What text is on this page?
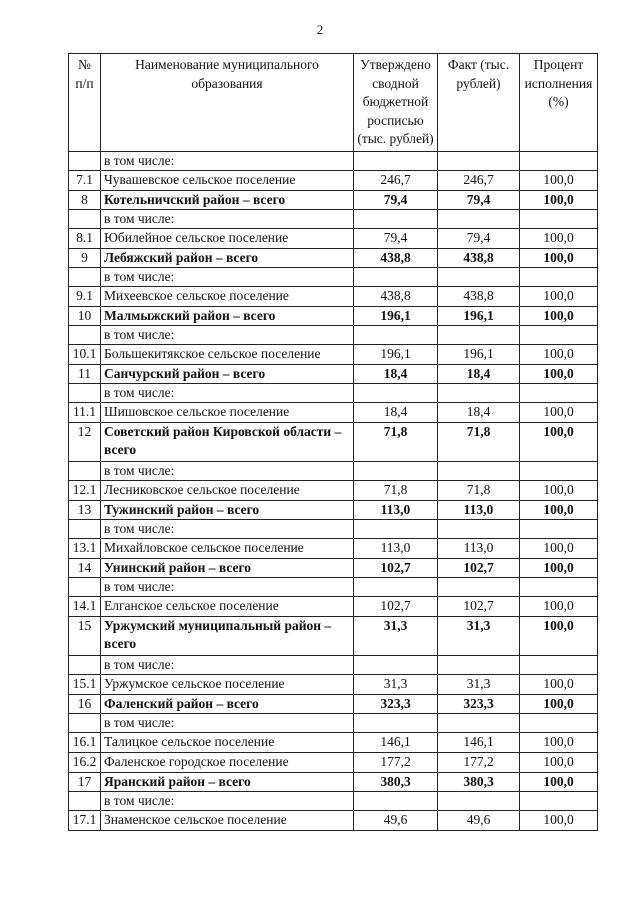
2
№ п/п	Наименование муниципального образования	Утверждено сводной бюджетной росписью (тыс. рублей)	Факт (тыс. рублей)	Процент исполнения (%)
	в том числе:			
7.1	Чувашевское сельское поселение	246,7	246,7	100,0
8	Котельничский район – всего	79,4	79,4	100,0
	в том числе:			
8.1	Юбилейное сельское поселение	79,4	79,4	100,0
9	Лебяжский район – всего	438,8	438,8	100,0
	в том числе:			
9.1	Михеевское сельское поселение	438,8	438,8	100,0
10	Малмыжский район – всего	196,1	196,1	100,0
	в том числе:			
10.1	Большекитякское сельское поселение	196,1	196,1	100,0
11	Санчурский район – всего	18,4	18,4	100,0
	в том числе:			
11.1	Шишовское сельское поселение	18,4	18,4	100,0
12	Советский район Кировской области – всего	71,8	71,8	100,0
	в том числе:			
12.1	Лесниковское сельское поселение	71,8	71,8	100,0
13	Тужинский район – всего	113,0	113,0	100,0
	в том числе:			
13.1	Михайловское сельское поселение	113,0	113,0	100,0
14	Унинский район – всего	102,7	102,7	100,0
	в том числе:			
14.1	Елганское сельское поселение	102,7	102,7	100,0
15	Уржумский муниципальный район – всего	31,3	31,3	100,0
	в том числе:			
15.1	Уржумское сельское поселение	31,3	31,3	100,0
16	Фаленский район – всего	323,3	323,3	100,0
	в том числе:			
16.1	Талицкое сельское поселение	146,1	146,1	100,0
16.2	Фаленское городское поселение	177,2	177,2	100,0
17	Яранский район – всего	380,3	380,3	100,0
	в том числе:			
17.1	Знаменское сельское поселение	49,6	49,6	100,0
